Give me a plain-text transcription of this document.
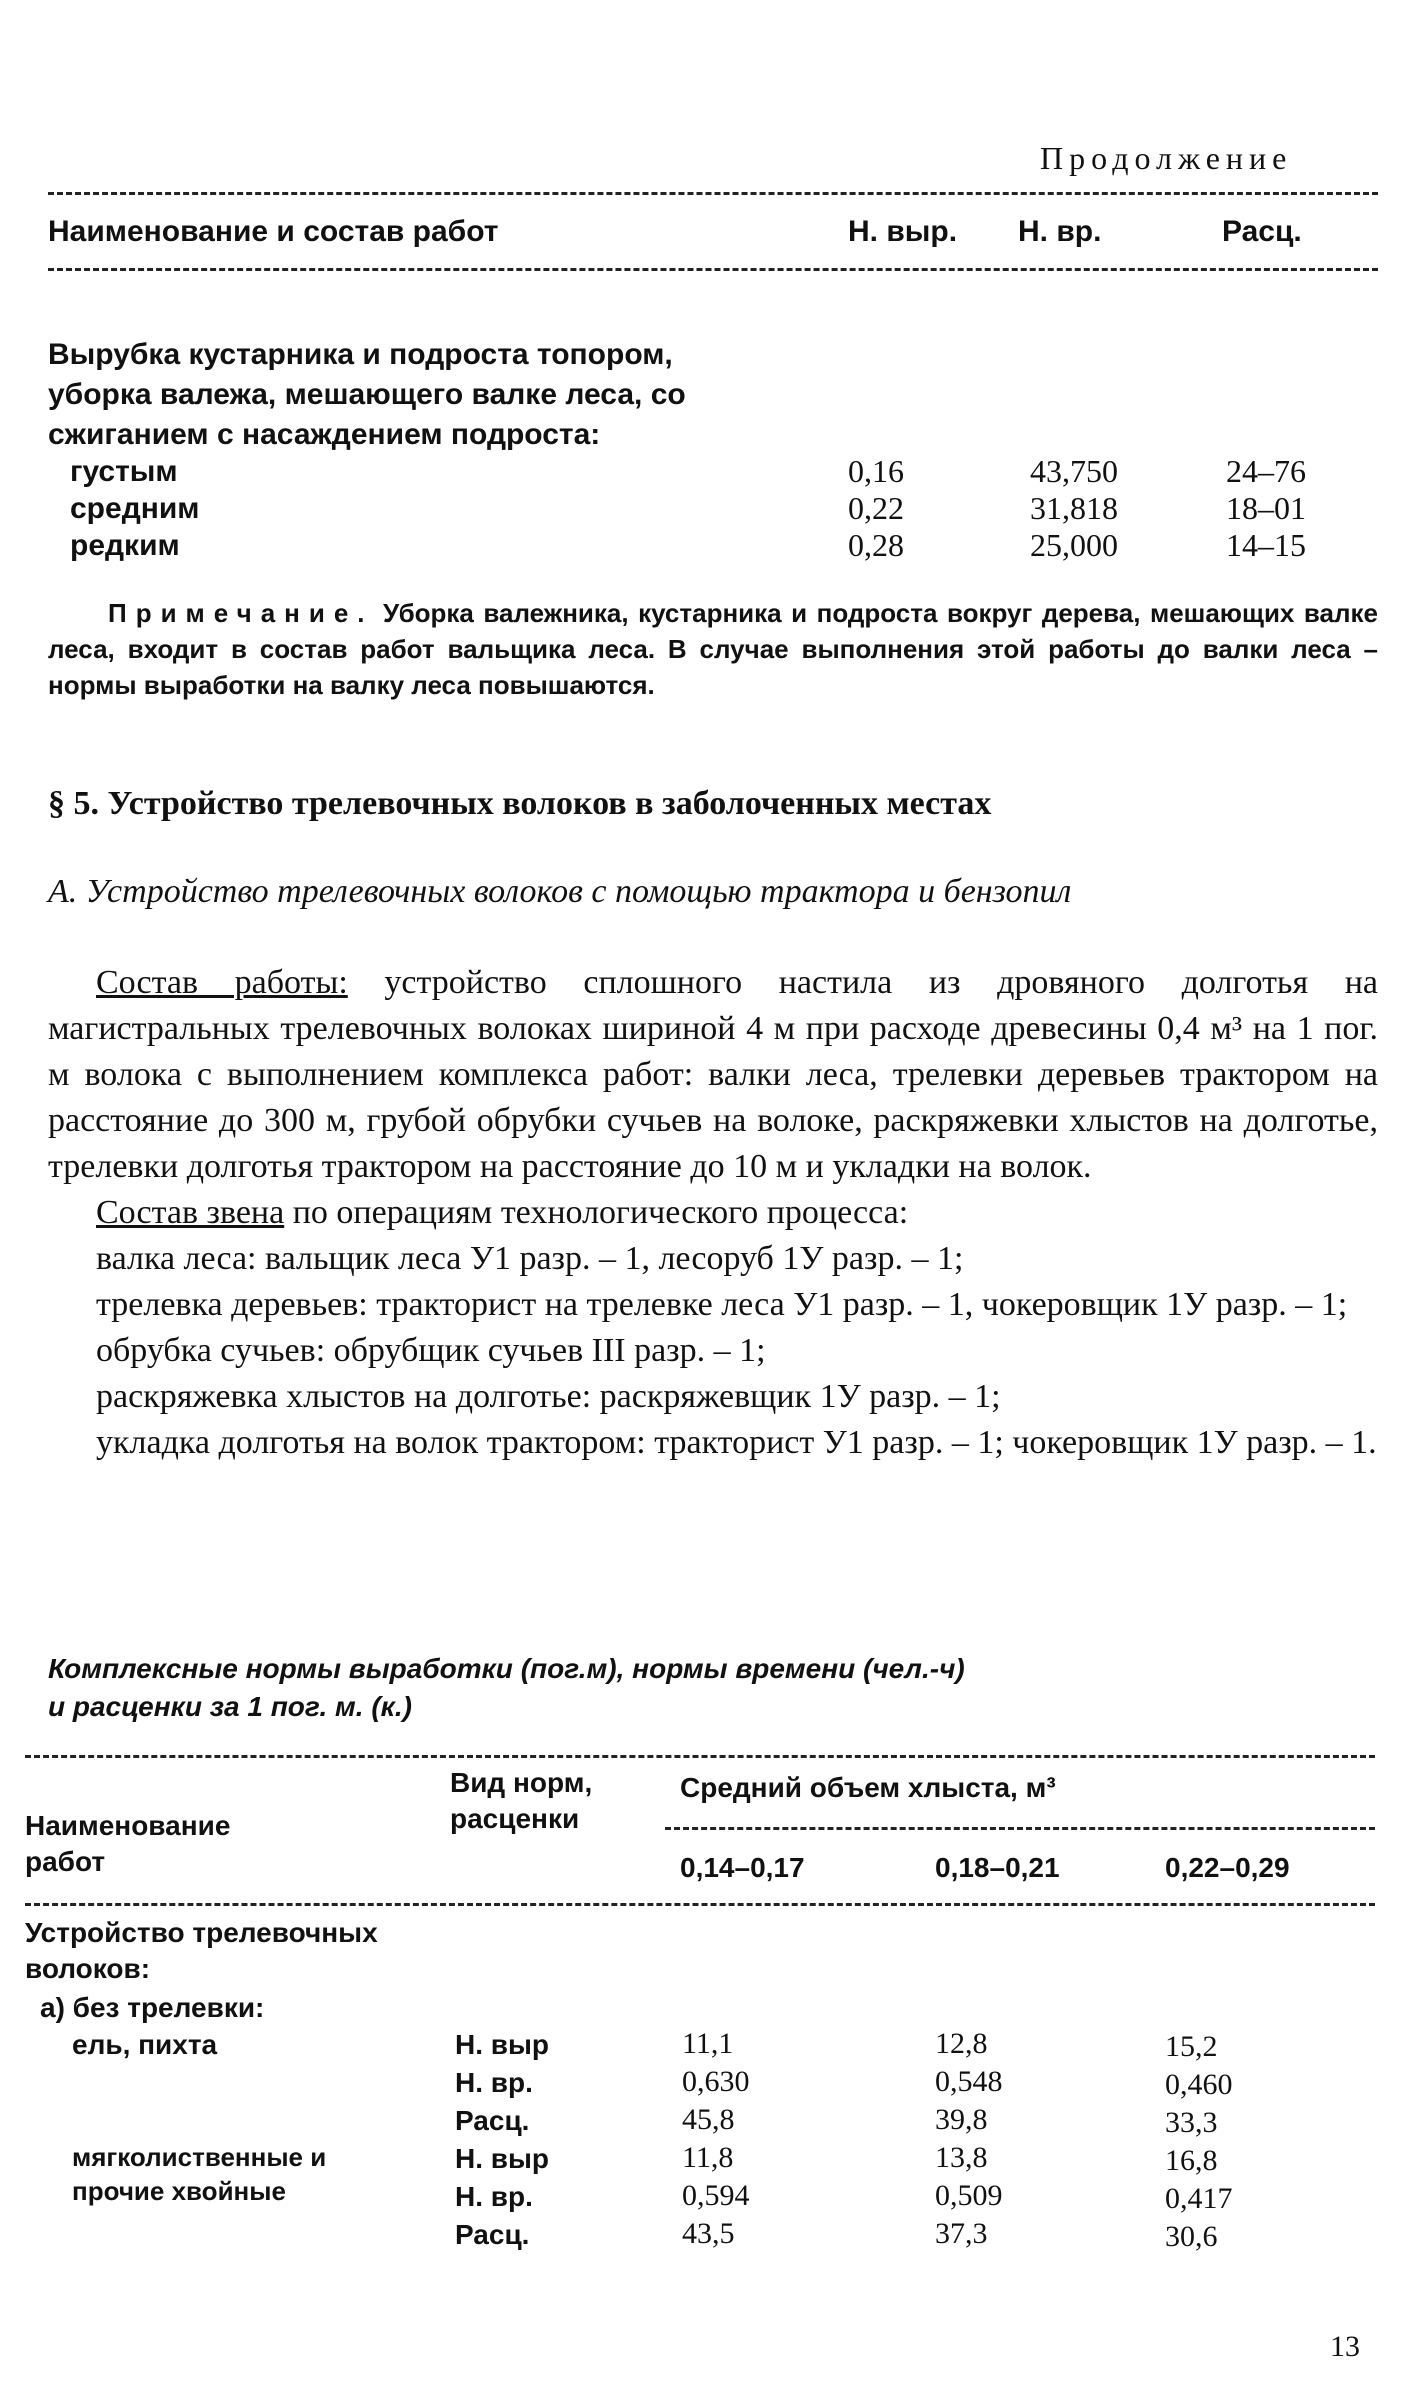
Продолжение
Наименование и состав работ	Н. выр. Н. вр.	Расц.
Вырубка кустарника и подроста топором, уборка валежа, мешающего валке леса, со сжиганием с насаждением подроста:
густым	0,16	43,750	24–76
средним	0,22	31,818	18–01
редким	0,28	25,000	14–15
Примечание. Уборка валежника, кустарника и подроста вокруг дерева, мешающих валке леса, входит в состав работ вальщика леса. В случае выполнения этой работы до валки леса – нормы выработки на валку леса повышаются.
§ 5. Устройство трелевочных волоков в заболоченных местах
А. Устройство трелевочных волоков с помощью трактора и бензопил

Состав работы: устройство сплошного настила из дровяного долготья на магистральных трелевочных волоках шириной 4 м при расходе древесины 0,4 м³ на 1 пог. м волока с выполнением комплекса работ: валки леса, трелевки деревьев трактором на расстояние до 300 м, грубой обрубки сучьев на волоке, раскряжевки хлыстов на долготье, трелевки долготья трактором на расстояние до 10 м и укладки на волок.

Состав звена по операциям технологического процесса:

валка леса: вальщик леса У1 разр. – 1, лесоруб 1У разр. – 1;

трелевка деревьев: тракторист на трелевке леса У1 разр. – 1, чокеровщик 1У разр. – 1;

обрубка сучьев: обрубщик сучьев III разр. – 1;

раскряжевка хлыстов на долготье: раскряжевщик 1У разр. – 1;

укладка долготья на волок трактором: тракторист У1 разр. – 1; чокеровщик 1У разр. – 1.

Комплексные нормы выработки (пог.м), нормы времени (чел.-ч)
и расценки за 1 пог. м. (к.)
Наименование работ
Вид норм, расценки
Средний объем хлыста, м³
0,14–0,17	0,18–0,21	0,22–0,29
Устройство трелевочных волоков:
а) без трелевки:
ель, пихта	Н. выр	11,1	12,8	15,2
Н. вр.	0,630	0,548	0,460
Расц.	45,8	39,8	33,3
мягколиственные и прочие хвойные
Н. выр	11,8	13,8	16,8
Н. вр.	0,594	0,509	0,417
Расц.	43,5	37,3	30,6
13
